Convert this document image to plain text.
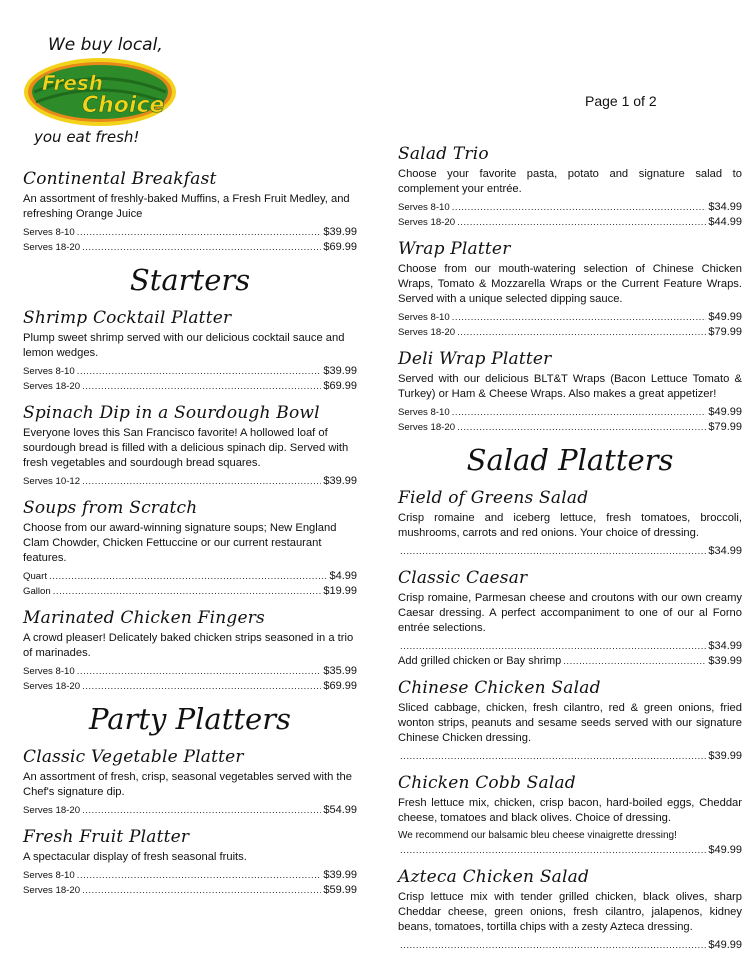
We buy local,
Fresh
Choice
you eat fresh!
Page 1 of 2
Continental Breakfast
An assortment of freshly-baked Muffins, a Fresh Fruit Medley, and refreshing Orange Juice
Serves 8-10 .....	$39.99
Serves 18-20 .....	$69.99
Starters
Shrimp Cocktail Platter
Plump sweet shrimp served with our delicious cocktail sauce and lemon wedges.
Serves 8-10 .....	$39.99
Serves 18-20 .....	$69.99
Spinach Dip in a Sourdough Bowl
Everyone loves this San Francisco favorite! A hollowed loaf of sourdough bread is filled with a delicious spinach dip. Served with fresh vegetables and sourdough bread squares.
Serves 10-12 .....	$39.99
Soups from Scratch
Choose from our award-winning signature soups; New England Clam Chowder, Chicken Fettuccine or our current restaurant features.
Quart .....	$4.99
Gallon .....	$19.99
Marinated Chicken Fingers
A crowd pleaser! Delicately baked chicken strips seasoned in a trio of marinades.
Serves 8-10 .....	$35.99
Serves 18-20 .....	$69.99
Party Platters
Classic Vegetable Platter
An assortment of fresh, crisp, seasonal vegetables served with the Chef's signature dip.
Serves 18-20 .....	$54.99
Fresh Fruit Platter
A spectacular display of fresh seasonal fruits.
Serves 8-10 .....	$39.99
Serves 18-20 .....	$59.99
Salad Trio
Choose your favorite pasta, potato and signature salad to complement your entrée.
Serves 8-10 .....	$34.99
Serves 18-20 .....	$44.99
Wrap Platter
Choose from our mouth-watering selection of Chinese Chicken Wraps, Tomato & Mozzarella Wraps or the Current Feature Wraps. Served with a unique selected dipping sauce.
Serves 8-10 .....	$49.99
Serves 18-20 .....	$79.99
Deli Wrap Platter
Served with our delicious BLT&T Wraps (Bacon Lettuce Tomato & Turkey) or Ham & Cheese Wraps. Also makes a great appetizer!
Serves 8-10 .....	$49.99
Serves 18-20 .....	$79.99
Salad Platters
Field of Greens Salad
Crisp romaine and iceberg lettuce, fresh tomatoes, broccoli, mushrooms, carrots and red onions. Your choice of dressing.
.....
$34.99
Classic Caesar
Crisp romaine, Parmesan cheese and croutons with our own creamy Caesar dressing. A perfect accompaniment to one of our al Forno entrée selections.
.....
$34.99
Add grilled chicken or Bay shrimp .....	$39.99
Chinese Chicken Salad
Sliced cabbage, chicken, fresh cilantro, red & green onions, fried wonton strips, peanuts and sesame seeds served with our signature Chinese Chicken dressing.
.....
$39.99
Chicken Cobb Salad
Fresh lettuce mix, chicken, crisp bacon, hard-boiled eggs, Cheddar cheese, tomatoes and black olives. Choice of dressing.
We recommend our balsamic bleu cheese vinaigrette dressing!
.....
$49.99
Azteca Chicken Salad
Crisp lettuce mix with tender grilled chicken, black olives, sharp Cheddar cheese, green onions, fresh cilantro, jalapenos, kidney beans, tomatoes, tortilla chips with a zesty Azteca dressing.
.....
$49.99
